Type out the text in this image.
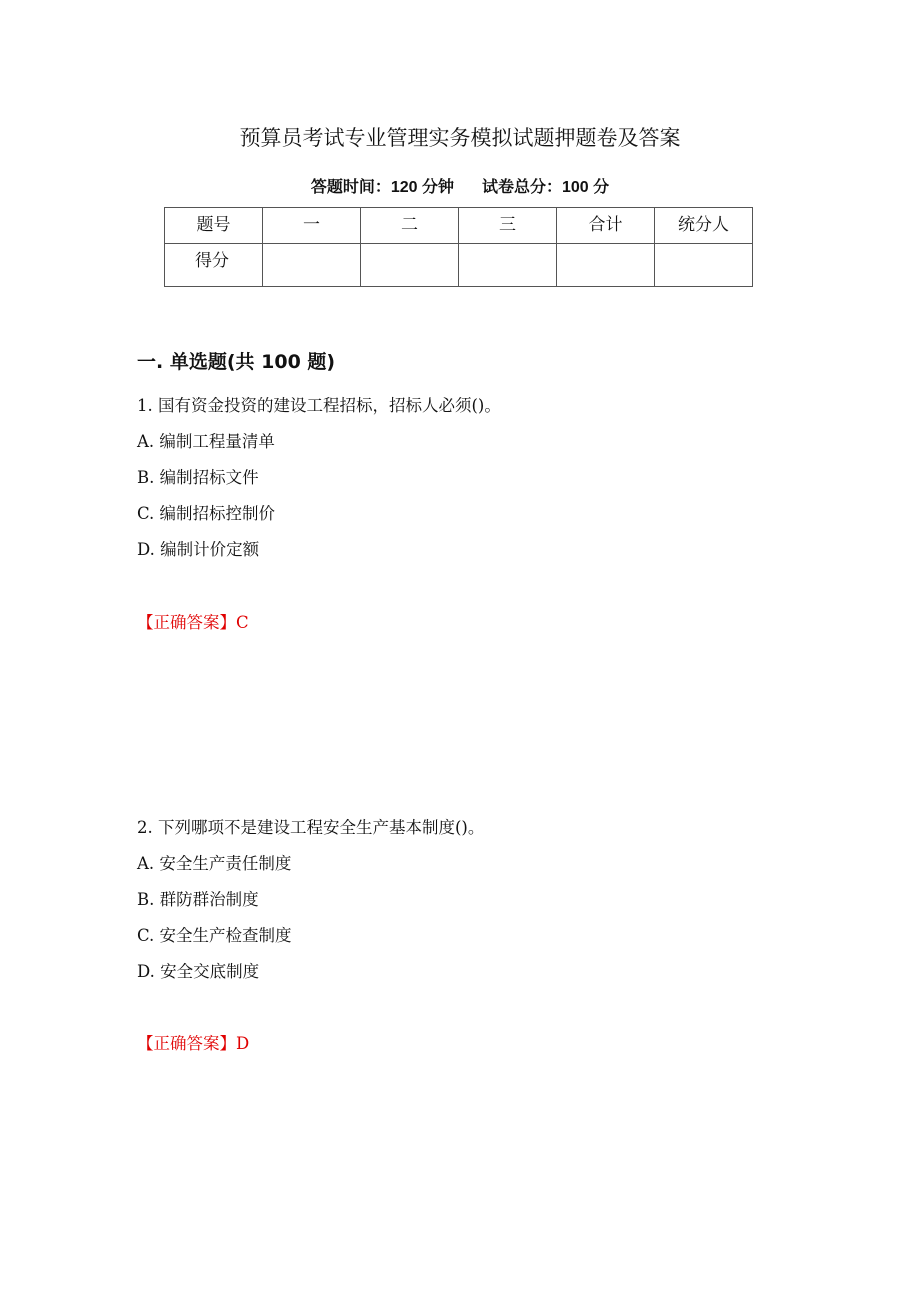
预算员考试专业管理实务模拟试题押题卷及答案
答题时间：120 分钟 试卷总分：100 分
题号	一	二	三	合计	统分人
得分					
一. 单选题(共 100 题)
1. 国有资金投资的建设工程招标，招标人必须()。
A. 编制工程量清单
B. 编制招标文件
C. 编制招标控制价
D. 编制计价定额
【正确答案】C
2. 下列哪项不是建设工程安全生产基本制度()。
A. 安全生产责任制度
B. 群防群治制度
C. 安全生产检查制度
D. 安全交底制度
【正确答案】D
